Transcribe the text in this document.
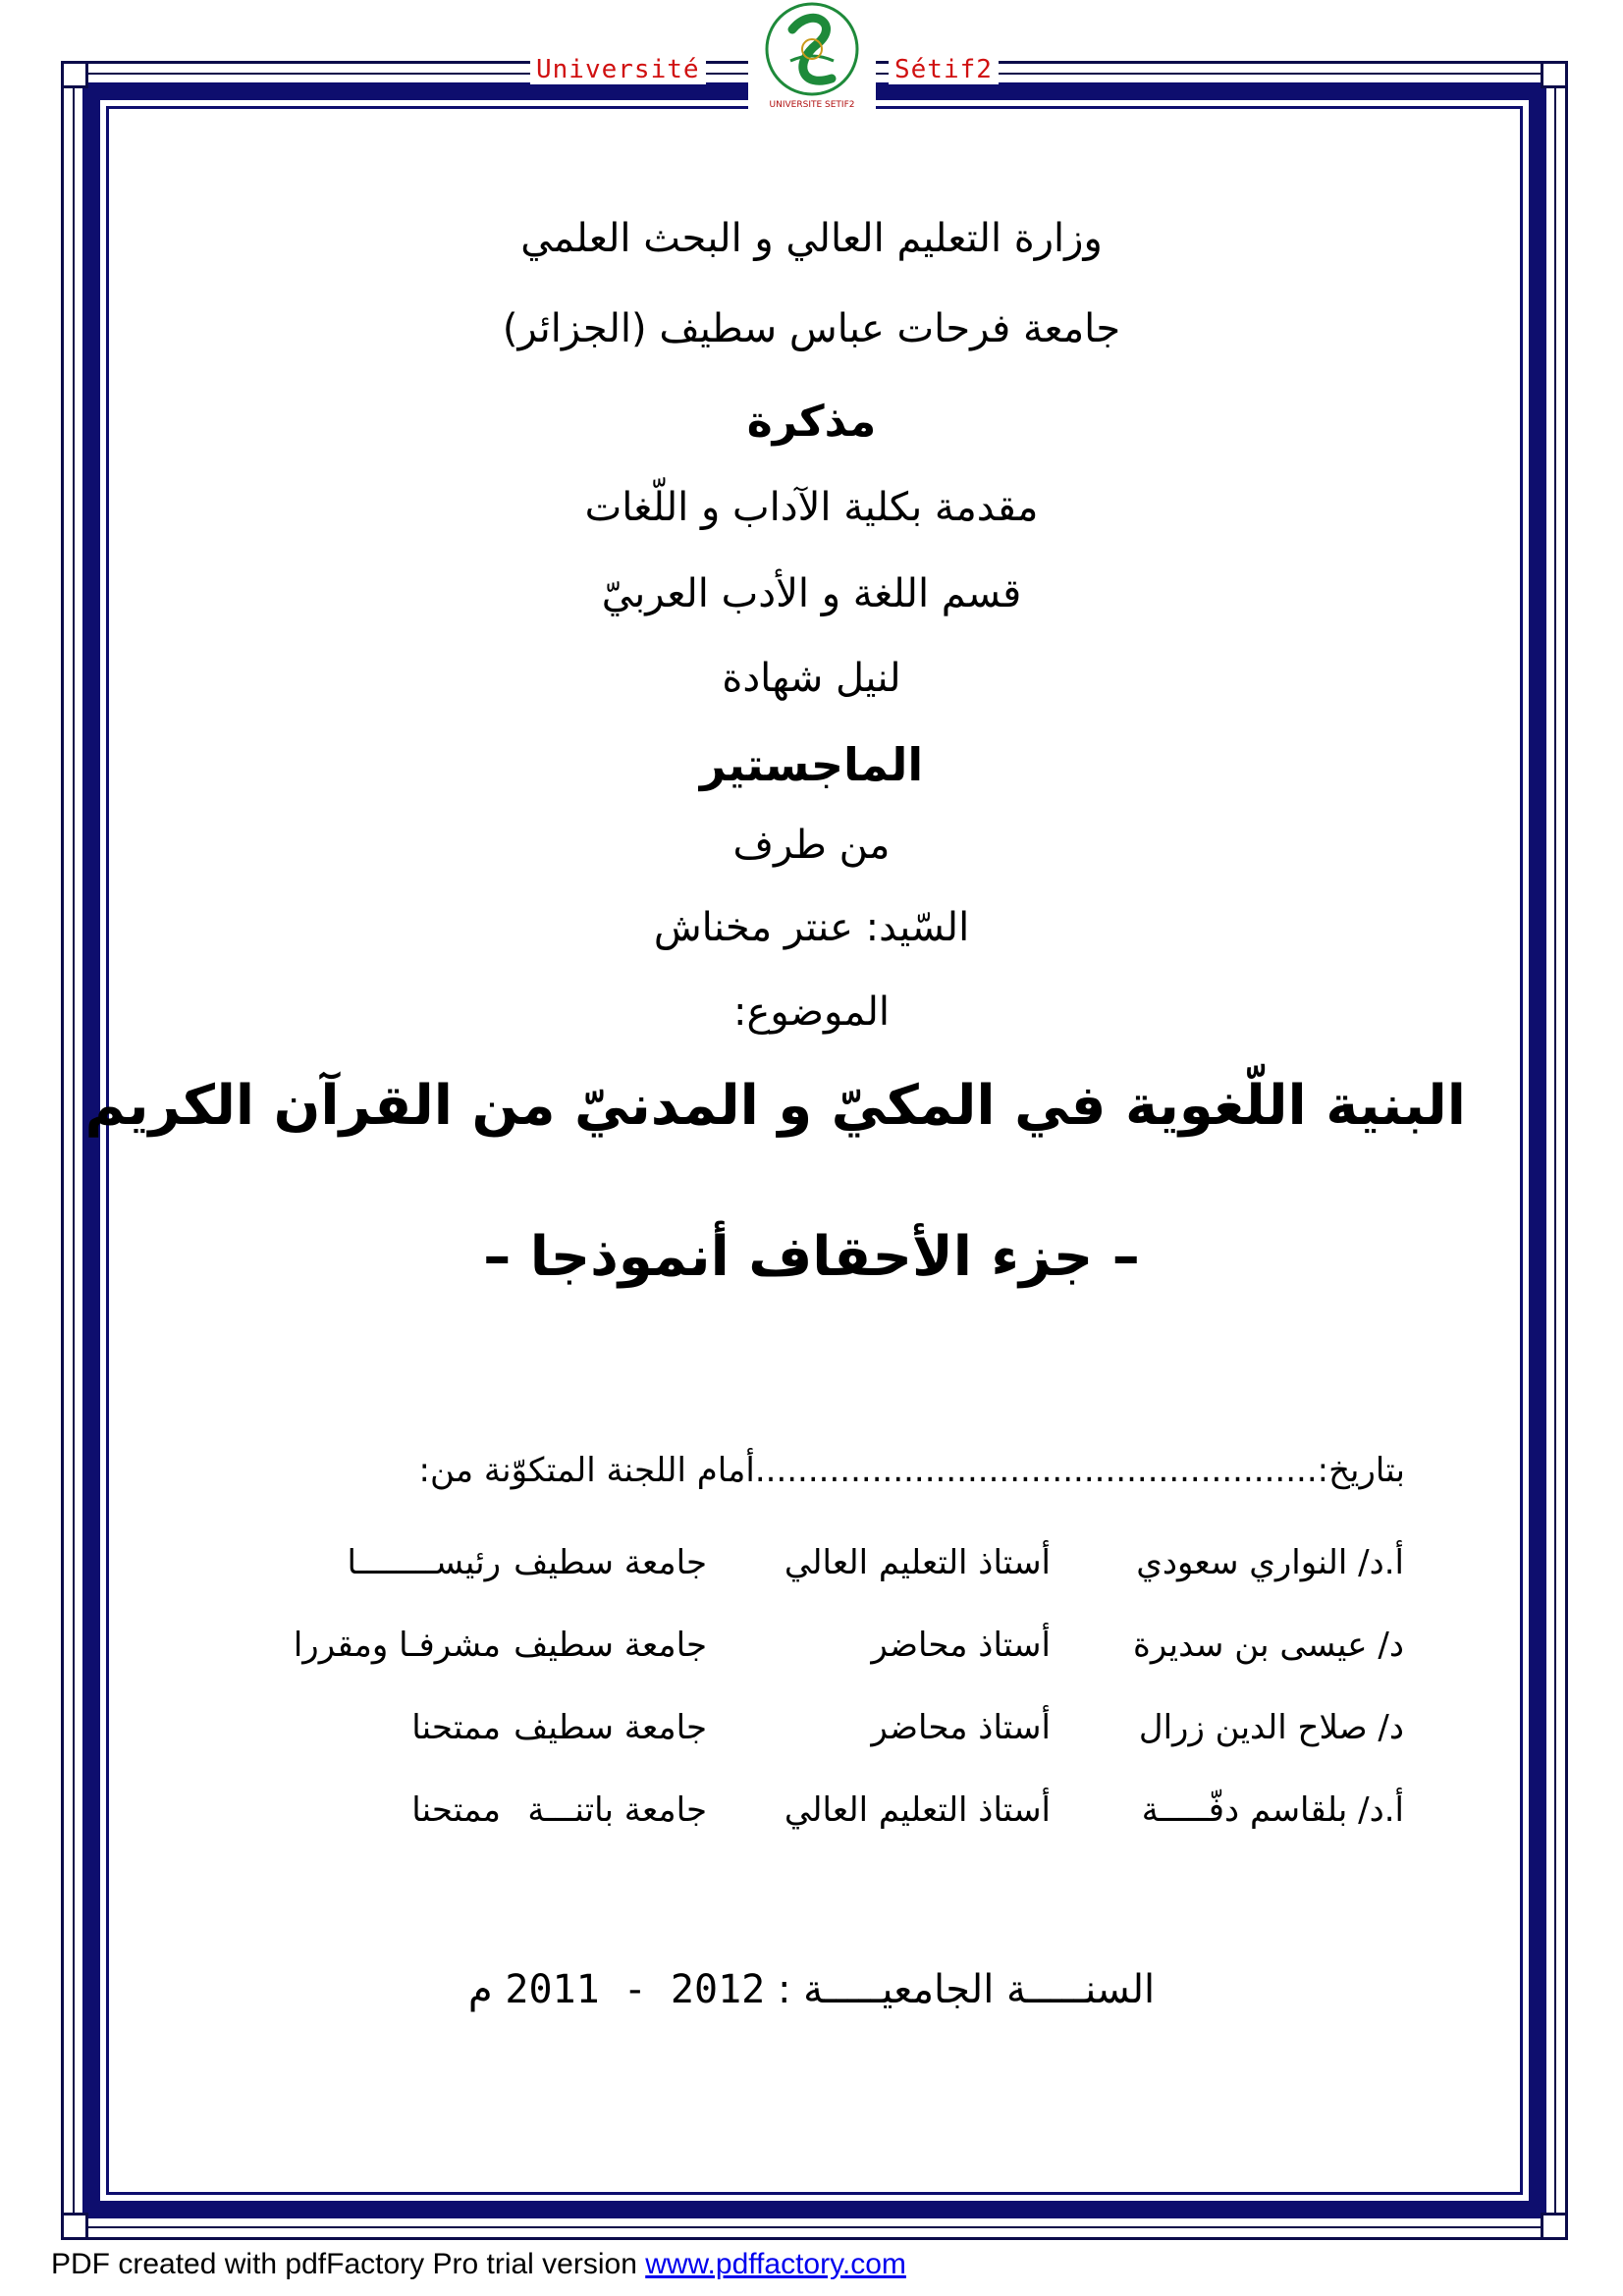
Université	Sétif2
UNIVERSITE SETIF2
وزارة التعليم العالي و البحث العلمي
جامعة فرحات عباس سطيف (الجزائر)
مذكرة
مقدمة بكلية الآداب و اللّغات
قسم اللغة و الأدب العربيّ
لنيل شهادة
الماجستير
من طرف
السّيد: عنتر مخناش
الموضوع:
البنية اللّغوية في المكيّ و المدنيّ من القرآن الكريم
– جزء الأحقاف أنموذجا –
بتاريخ:.....................................................أمام اللجنة المتكوّنة من:
أ.د/ النواري سعودي
أستاذ التعليم العالي
جامعة سطيف
رئيســــــــا
د/ عيسى بن سديرة
أستاذ محاضر
جامعة سطيف
مشرفـا ومقررا
د/ صلاح الدين زرال
أستاذ محاضر
جامعة سطيف
ممتحنا
أ.د/ بلقاسم دفّـــــة
أستاذ التعليم العالي
جامعة باتنـــة
ممتحنا
السنـــــة الجامعيـــــة : 2011 - 2012 م
PDF created with pdfFactory Pro trial version www.pdffactory.com
